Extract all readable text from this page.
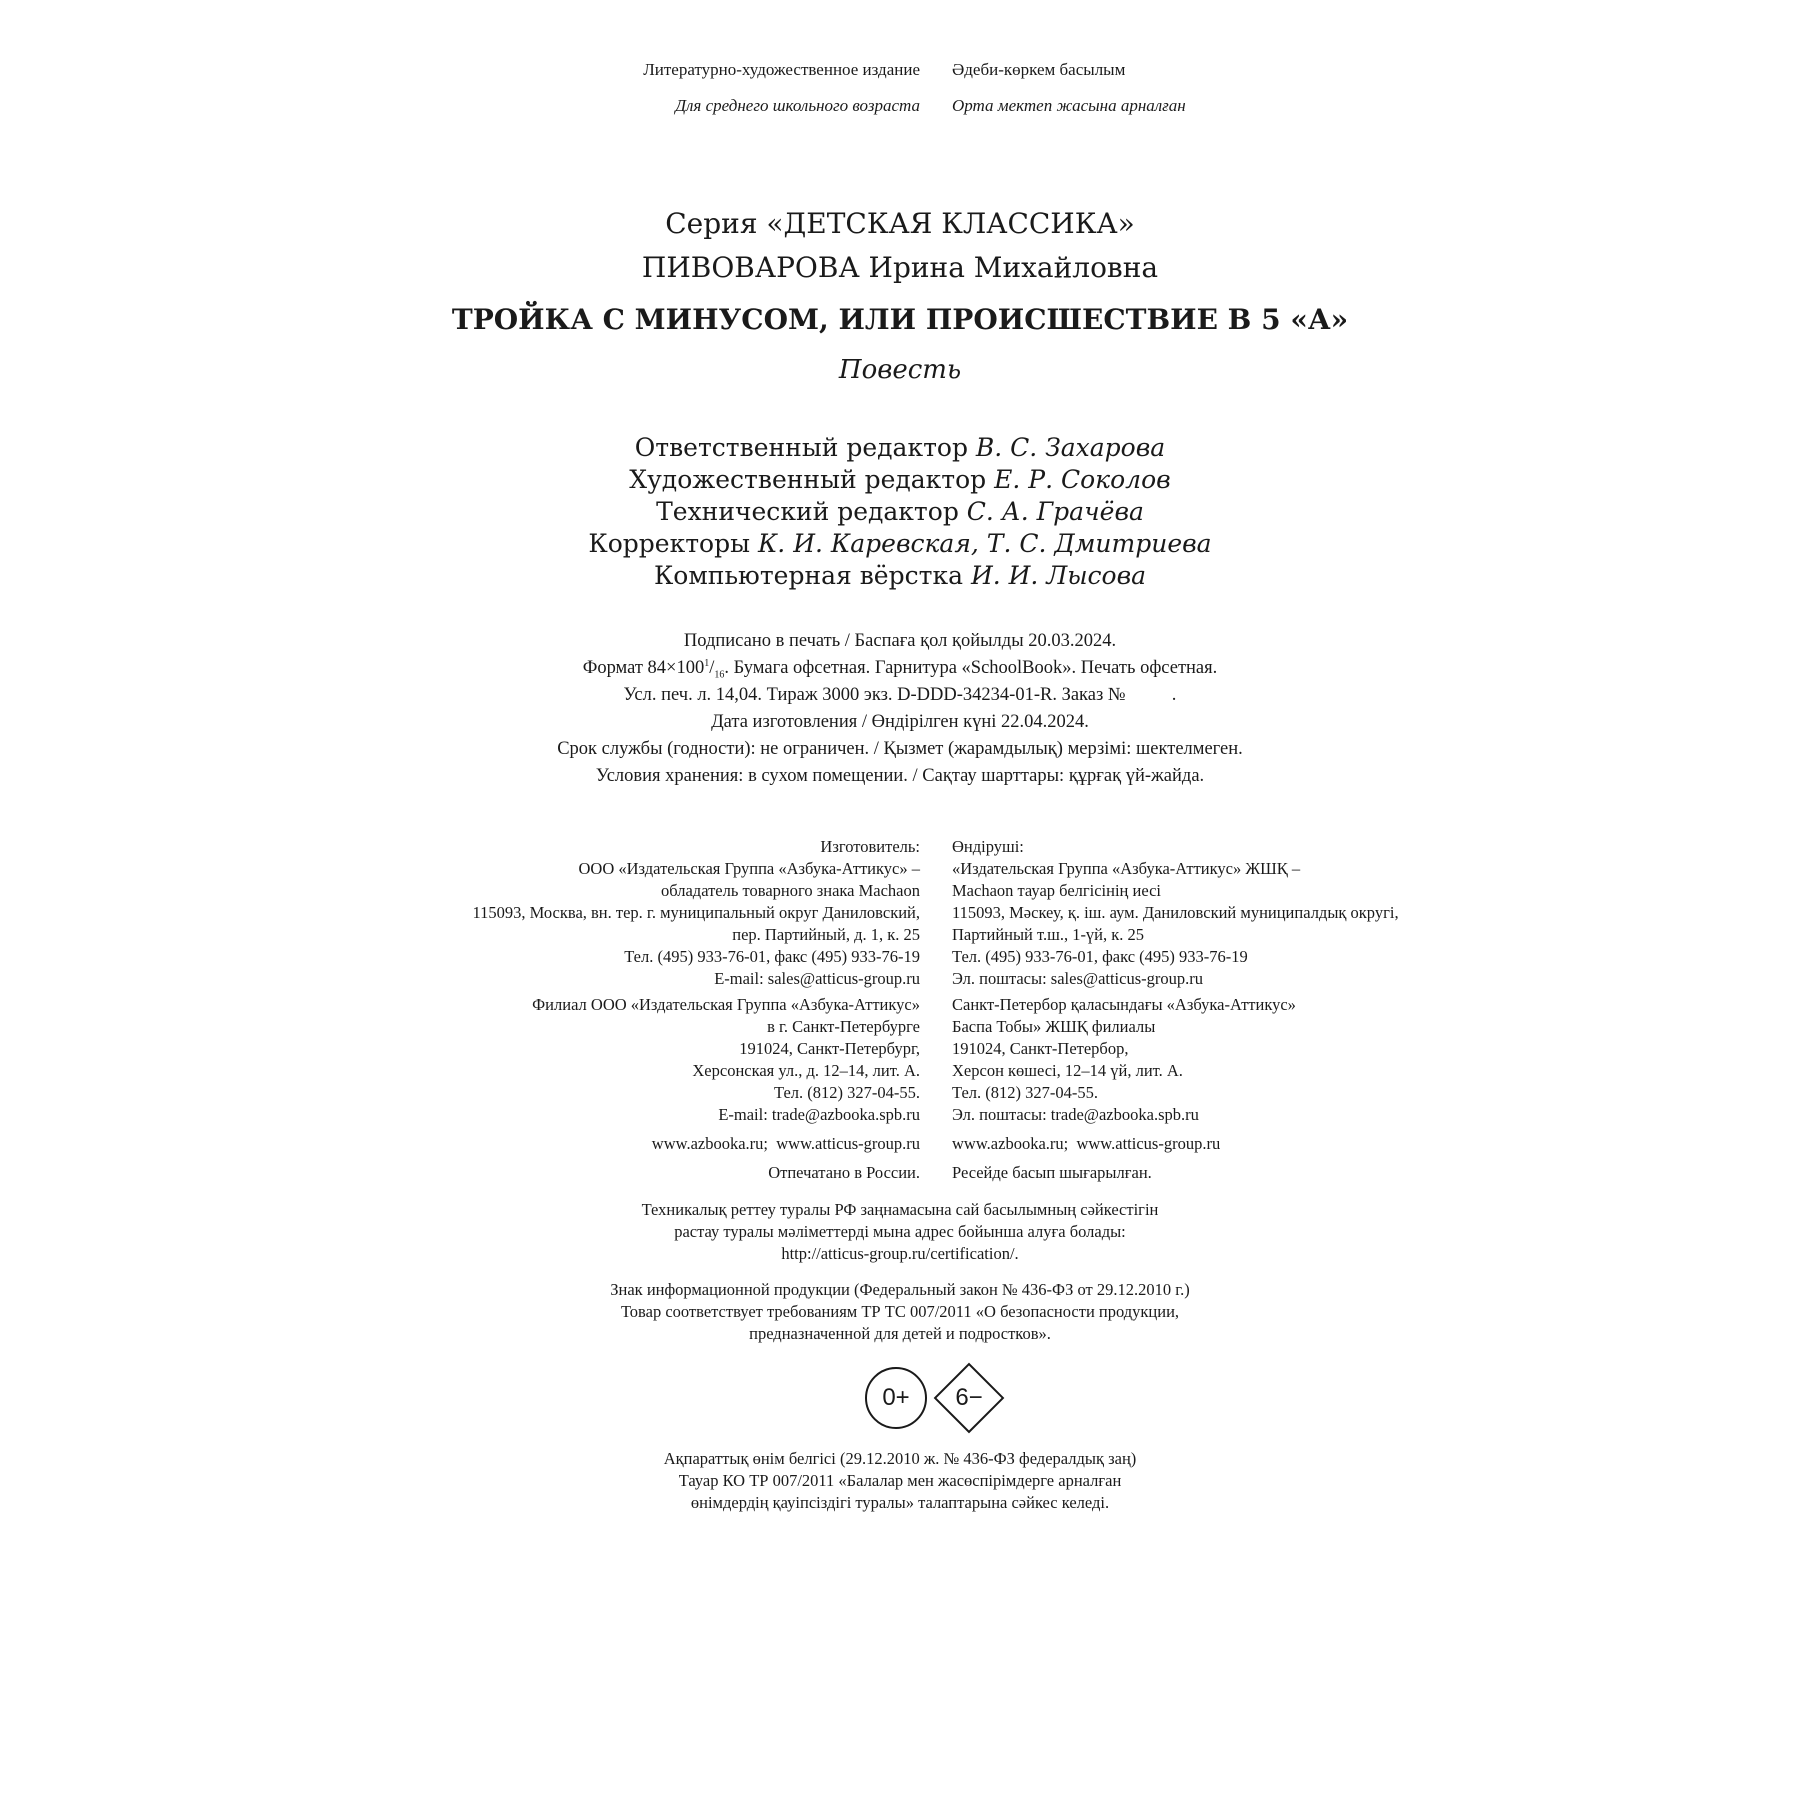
Литературно-художественное издание Әдеби-көркем басылым
Для среднего школьного возраста Орта мектеп жасына арналған
Серия «ДЕТСКАЯ КЛАССИКА»
ПИВОВАРОВА Ирина Михайловна
ТРОЙКА С МИНУСОМ, ИЛИ ПРОИСШЕСТВИЕ В 5 «А»
Повесть
Ответственный редактор В. С. Захарова
Художественный редактор Е. Р. Соколов
Технический редактор С. А. Грачёва
Корректоры К. И. Каревская, Т. С. Дмитриева
Компьютерная вёрстка И. И. Лысова
Подписано в печать / Баспаға қол қойылды 20.03.2024.
Формат $84\times 100^1/_{16}$. Бумага офсетная. Гарнитура «SchoolBook». Печать офсетная.
Усл. печ. л. 14,04. Тираж 3000 экз. D-DDD-34234-01-R. Заказ №          .
Дата изготовления / Өндірілген күні 22.04.2024.
Срок службы (годности): не ограничен. / Қызмет (жарамдылық) мерзімі: шектелмеген.
Условия хранения: в сухом помещении. / Сақтау шарттары: құрғақ үй-жайда.
Изготовитель:
ООО «Издательская Группа «Азбука-Аттикус» –
обладатель товарного знака Machaon
115093, Москва, вн. тер. г. муниципальный округ Даниловский,
пер. Партийный, д. 1, к. 25
Тел. (495) 933-76-01, факс (495) 933-76-19
E-mail: sales@atticus-group.ru
Өндіруші:
«Издательская Группа «Азбука-Аттикус» ЖШҚ –
Machaon тауар белгісінің иесі
115093, Мәскеу, қ. іш. аум. Даниловский муниципалдық округі,
Партийный т.ш., 1-үй, к. 25
Тел. (495) 933-76-01, факс (495) 933-76-19
Эл. поштасы: sales@atticus-group.ru
Филиал ООО «Издательская Группа «Азбука-Аттикус»
в г. Санкт-Петербурге
191024, Санкт-Петербург,
Херсонская ул., д. 12–14, лит. А.
Тел. (812) 327-04-55.
E-mail: trade@azbooka.spb.ru
Санкт-Петербор қаласындағы «Азбука-Аттикус»
Баспа Тобы» ЖШҚ филиалы
191024, Санкт-Петербор,
Херсон көшесі, 12–14 үй, лит. А.
Тел. (812) 327-04-55.
Эл. поштасы: trade@azbooka.spb.ru
www.azbooka.ru;  www.atticus-group.ru www.azbooka.ru;  www.atticus-group.ru
Отпечатано в России. Ресейде басып шығарылған.
Техникалық реттеу туралы РФ заңнамасына сай басылымның сәйкестігін
растау туралы мәліметтерді мына адрес бойынша алуға болады:
http://atticus-group.ru/certification/.
Знак информационной продукции (Федеральный закон № 436-ФЗ от 29.12.2010 г.)
Товар соответствует требованиям ТР ТС 007/2011 «О безопасности продукции,
предназначенной для детей и подростков».
0+	6−
Ақпараттық өнім белгісі (29.12.2010 ж. № 436-ФЗ федералдық заң)
Тауар КО ТР 007/2011 «Балалар мен жасөспірімдерге арналған
өнімдердің қауіпсіздігі туралы» талаптарына сәйкес келеді.
